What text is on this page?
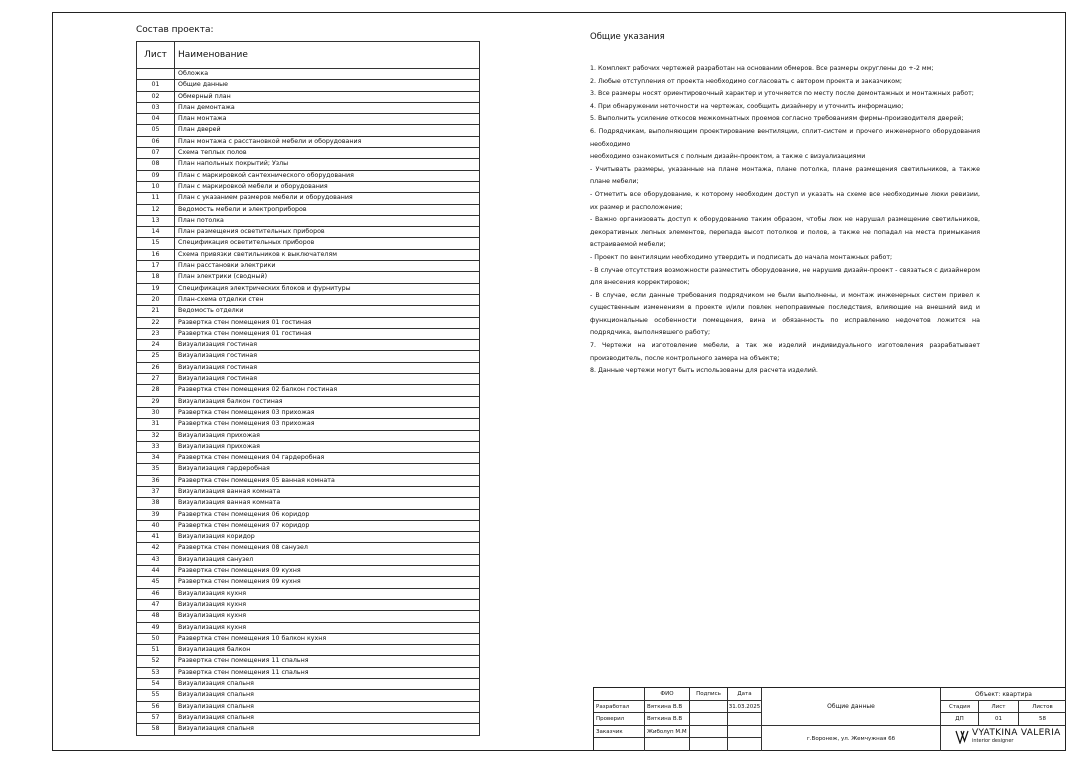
Состав проекта:
Лист	Наименование
	Обложка
01	Общие данные
02	Обмерный план
03	План демонтажа
04	План монтажа
05	План дверей
06	План монтажа с расстановкой мебели и оборудования
07	Схема теплых полов
08	План напольных покрытий; Узлы
09	План с маркировкой сантехнического оборудования
10	План с маркировкой мебели и оборудования
11	План с указанием размеров мебели и оборудования
12	Ведомость мебели и электроприборов
13	План потолка
14	План размещения осветительных приборов
15	Спецификация осветительных приборов
16	Схема привязки светильников к выключателям
17	План расстановки электрики
18	План электрики (сводный)
19	Спецификация электрических блоков и фурнитуры
20	План-схема отделки стен
21	Ведомость отделки
22	Развертка стен помещения 01 гостиная
23	Развертка стен помещения 01 гостиная
24	Визуализация гостиная
25	Визуализация гостиная
26	Визуализация гостиная
27	Визуализация гостиная
28	Развертка стен помещения 02 балкон гостиная
29	Визуализация балкон гостиная
30	Развертка стен помещения 03 прихожая
31	Развертка стен помещения 03 прихожая
32	Визуализация прихожая
33	Визуализация прихожая
34	Развертка стен помещения 04 гардеробная
35	Визуализация гардеробная
36	Развертка стен помещения 05 ванная комната
37	Визуализация ванная комната
38	Визуализация ванная комната
39	Развертка стен помещения 06 коридор
40	Развертка стен помещения 07 коридор
41	Визуализация коридор
42	Развертка стен помещения 08 санузел
43	Визуализация санузел
44	Развертка стен помещения 09 кухня
45	Развертка стен помещения 09 кухня
46	Визуализация кухня
47	Визуализация кухня
48	Визуализация кухня
49	Визуализация кухня
50	Развертка стен помещения 10 балкон кухня
51	Визуализация балкон
52	Развертка стен помещения 11 спальня
53	Развертка стен помещения 11 спальня
54	Визуализация спальня
55	Визуализация спальня
56	Визуализация спальня
57	Визуализация спальня
58	Визуализация спальня
Общие указания

1. Комплект рабочих чертежей разработан на основании обмеров. Все размеры округлены до +-2 мм;

2. Любые отступления от проекта необходимо согласовать с автором проекта и заказчиком;

3. Все размеры носят ориентировочный характер и уточняется по месту после демонтажных и монтажных работ;

4. При обнаружении неточности на чертежах, сообщить дизайнеру и уточнить информацию;

5. Выполнить усиление откосов межкомнатных проемов согласно требованиям фирмы-производителя дверей;

6. Подрядчикам, выполняющим проектирование вентиляции, сплит-систем и прочего инженерного оборудования необходимо

необходимо ознакомиться с полным дизайн-проектом, а также с визуализациями

- Учитывать размеры, указанные на плане монтажа, плане потолка, плане размещения светильников, а также плане мебели;

- Отметить все оборудование, к которому необходим доступ и указать на схеме все необходимые люки ревизии, их размер и расположение;

- Важно организовать доступ к оборудованию таким образом, чтобы люк не нарушал размещение светильников, декоративных лепных элементов, перепада высот потолков и полов, а также не попадал на места примыкания встраиваемой мебели;

- Проект по вентиляции необходимо утвердить и подписать до начала монтажных работ;

- В случае отсутствия возможности разместить оборудование, не нарушив дизайн-проект - связаться с дизайнером для внесения корректировок;

- В случае, если данные требования подрядчиком не были выполнены, и монтаж инженерных систем привел к существенным изменениям в проекте и/или повлек непоправимые последствия, влияющие на внешний вид и функциональные особенности помещения, вина и обязанность по исправлению недочетов ложится на подрядчика, выполнявшего работу;

7. Чертежи на изготовление мебели, а так же изделий индивидуального изготовления разрабатывает производитель, после контрольного замера на объекте;

8. Данные чертежи могут быть использованы для расчета изделий.

ФИО	Подпись	Дата
Разработал	Вяткина В.В	31.03.2025
Проверил	Вяткина В.В
Заказчик	Жиболуп М.М
Общие данные
г.Воронеж, ул. Жемчужная 6б
Объект: квартира
Стадия	Лист	Листов
ДП	01	58
VYATKINA VALERIA
interior designer
